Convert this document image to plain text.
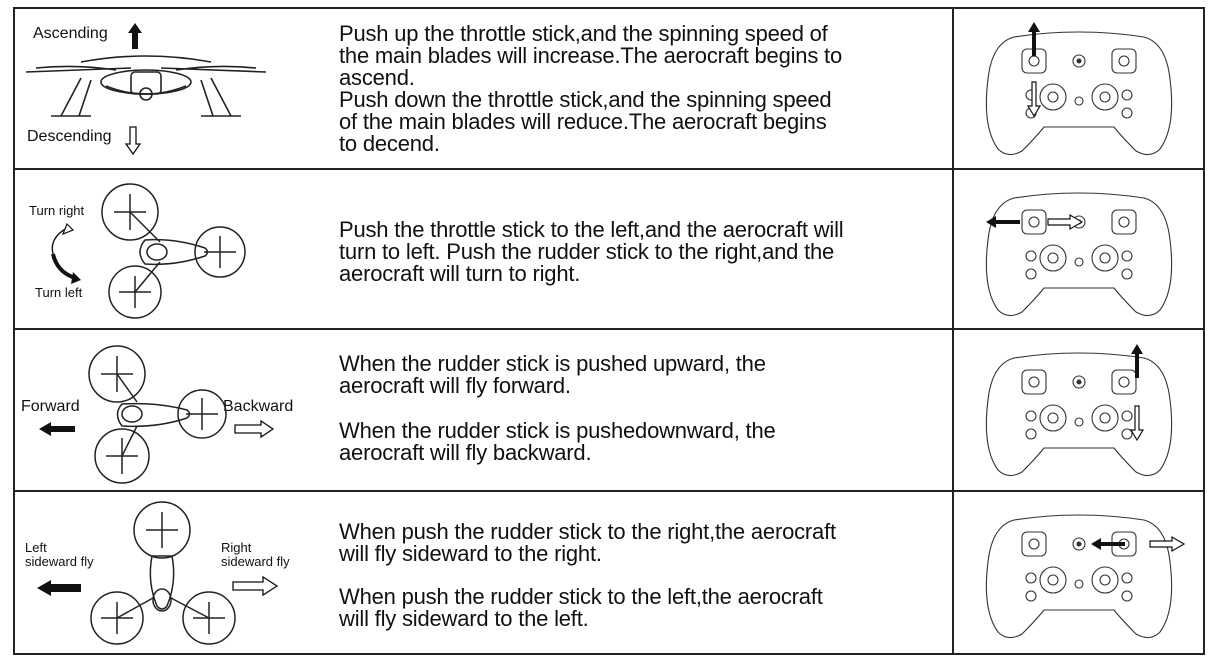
Ascending
Descending

Push up the throttle stick,and the spinning speed of

the main blades will increase.The aerocraft begins to

ascend.

Push down the throttle stick,and the spinning speed

of the main blades will reduce.The aerocraft begins

to decend.

Turn right
Turn left

Push the throttle stick to the left,and the aerocraft will

turn to left. Push the rudder stick to the right,and the

aerocraft will turn to right.

Forward	Backward

When the rudder stick is pushed upward, the

aerocraft will fly forward.

When the rudder stick is pushedownward, the

aerocraft will fly backward.

Left
sideward fly
Right
sideward fly

When push the rudder stick to the right,the aerocraft

will fly sideward to the right.

When push the rudder stick to the left,the aerocraft

will fly sideward to the left.
